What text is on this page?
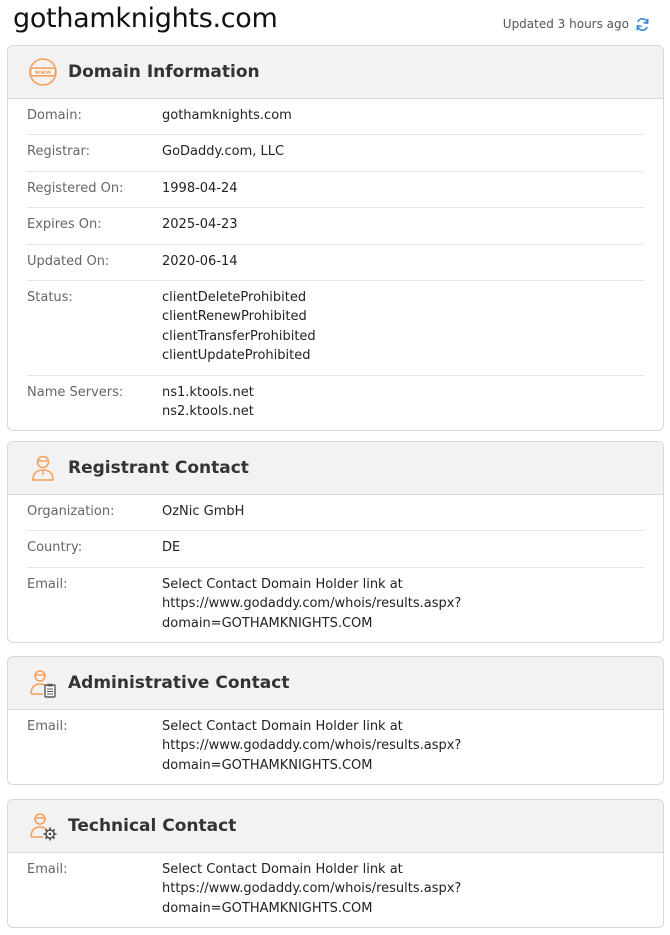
gothamknights.com	Updated 3 hours ago
www Domain Information
Domain:	gothamknights.com
Registrar:	GoDaddy.com, LLC
Registered On:	1998-04-24
Expires On:	2025-04-23
Updated On:	2020-06-14
Status:	clientDeleteProhibited
clientRenewProhibited
clientTransferProhibited
clientUpdateProhibited
Name Servers:	ns1.ktools.net
ns2.ktools.net
Registrant Contact
Organization:	OzNic GmbH
Country:	DE
Email:	Select Contact Domain Holder link at
https://www.godaddy.com/whois/results.aspx?
domain=GOTHAMKNIGHTS.COM
Administrative Contact
Email:	Select Contact Domain Holder link at
https://www.godaddy.com/whois/results.aspx?
domain=GOTHAMKNIGHTS.COM
Technical Contact
Email:	Select Contact Domain Holder link at
https://www.godaddy.com/whois/results.aspx?
domain=GOTHAMKNIGHTS.COM
